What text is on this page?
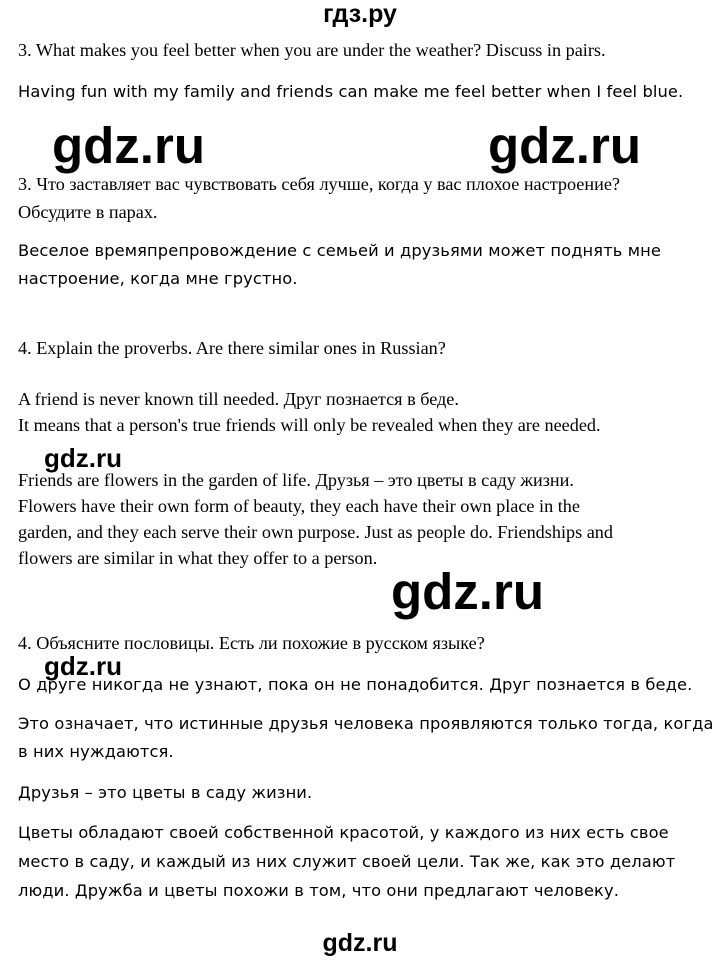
гдз.ру
3. What makes you feel better when you are under the weather? Discuss in pairs.
Having fun with my family and friends can make me feel better when I feel blue.
gdz.ru	gdz.ru
3. Что заставляет вас чувствовать себя лучше, когда у вас плохое настроение?
Обсудите в парах.
Веселое времяпрепровождение с семьей и друзьями может поднять мне
настроение, когда мне грустно.
4. Explain the proverbs. Are there similar ones in Russian?
A friend is never known till needed. Друг познается в беде.
It means that a person's true friends will only be revealed when they are needed.
gdz.ru
Friends are flowers in the garden of life. Друзья – это цветы в саду жизни.
Flowers have their own form of beauty, they each have their own place in the
garden, and they each serve their own purpose. Just as people do. Friendships and
flowers are similar in what they offer to a person.
gdz.ru
4. Объясните пословицы. Есть ли похожие в русском языке?
gdz.ru
О друге никогда не узнают, пока он не понадобится. Друг познается в беде.
Это означает, что истинные друзья человека проявляются только тогда, когда
в них нуждаются.
Друзья – это цветы в саду жизни.
Цветы обладают своей собственной красотой, у каждого из них есть свое
место в саду, и каждый из них служит своей цели. Так же, как это делают
люди. Дружба и цветы похожи в том, что они предлагают человеку.
gdz.ru
